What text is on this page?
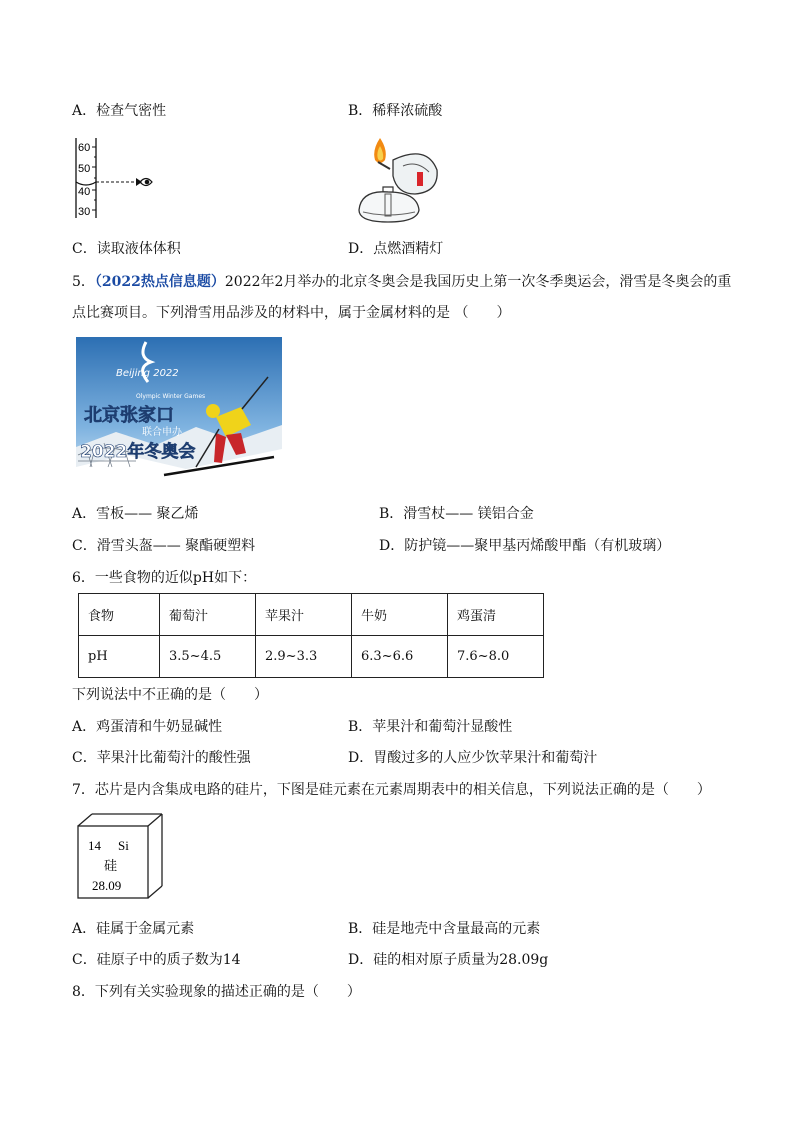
A．检查气密性	B．稀释浓硫酸
60
50
40
30
C．读取液体体积	D．点燃酒精灯
5．（2022热点信息题）2022年2月举办的北京冬奥会是我国历史上第一次冬季奥运会，滑雪是冬奥会的重
点比赛项目。下列滑雪用品涉及的材料中，属于金属材料的是 （　　）
Beijing 2022
Olympic Winter Games
北京张家口
联合申办
2022年冬奥会
A．雪板—— 聚乙烯	B．滑雪杖—— 镁铝合金
C．滑雪头盔—— 聚酯硬塑料	D．防护镜——聚甲基丙烯酸甲酯（有机玻璃）
6．一些食物的近似pH如下：
食物	葡萄汁	苹果汁	牛奶	鸡蛋清
pH	3.5~4.5	2.9~3.3	6.3~6.6	7.6~8.0
下列说法中不正确的是（　　）
A．鸡蛋清和牛奶显碱性	B．苹果汁和葡萄汁显酸性
C．苹果汁比葡萄汁的酸性强	D．胃酸过多的人应少饮苹果汁和葡萄汁
7．芯片是内含集成电路的硅片，下图是硅元素在元素周期表中的相关信息，下列说法正确的是（　　）
14 Si
硅
28.09
A．硅属于金属元素	B．硅是地壳中含量最高的元素
C．硅原子中的质子数为14	D．硅的相对原子质量为28.09g
8．下列有关实验现象的描述正确的是（　　）
